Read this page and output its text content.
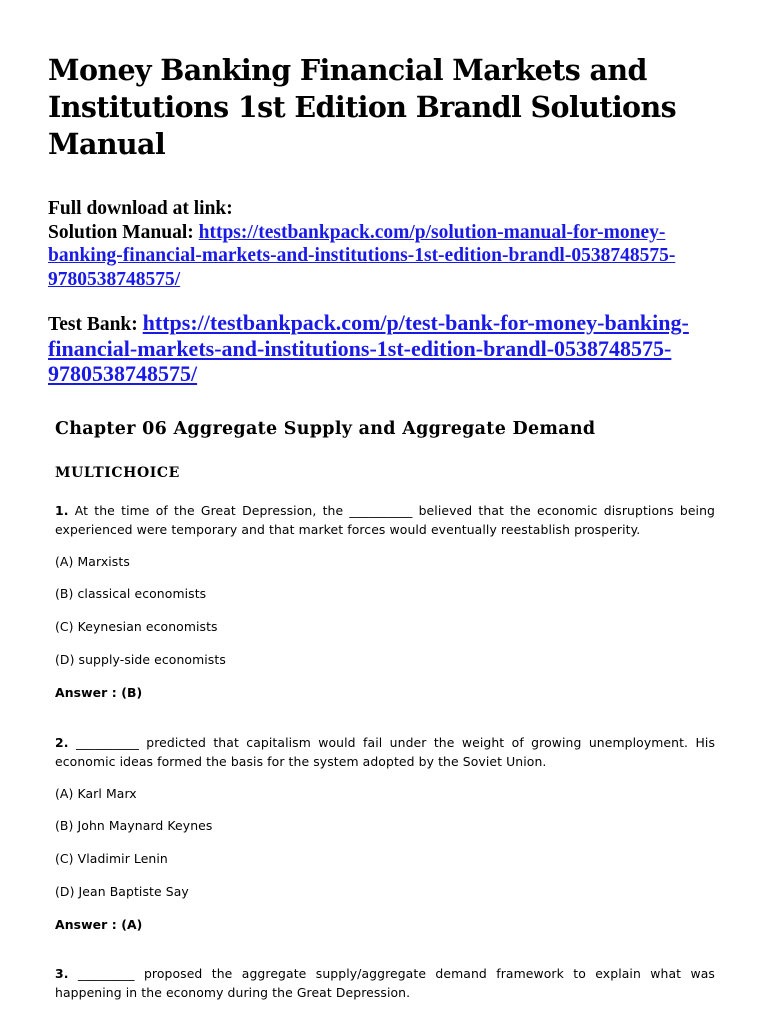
Money Banking Financial Markets and Institutions 1st Edition Brandl Solutions Manual

Full download at link:
Solution Manual: https://testbankpack.com/p/solution-manual-for-money-banking-financial-markets-and-institutions-1st-edition-brandl-0538748575-9780538748575/

Test Bank: https://testbankpack.com/p/test-bank-for-money-banking-financial-markets-and-institutions-1st-edition-brandl-0538748575-9780538748575/

Chapter 06 Aggregate Supply and Aggregate Demand
MULTICHOICE

1. At the time of the Great Depression, the __________ believed that the economic disruptions being experienced were temporary and that market forces would eventually reestablish prosperity.

(A) Marxists

(B) classical economists

(C) Keynesian economists

(D) supply-side economists

Answer : (B)

2. __________ predicted that capitalism would fail under the weight of growing unemployment. His economic ideas formed the basis for the system adopted by the Soviet Union.

(A) Karl Marx

(B) John Maynard Keynes

(C) Vladimir Lenin

(D) Jean Baptiste Say

Answer : (A)

3. _________ proposed the aggregate supply/aggregate demand framework to explain what was happening in the economy during the Great Depression.
